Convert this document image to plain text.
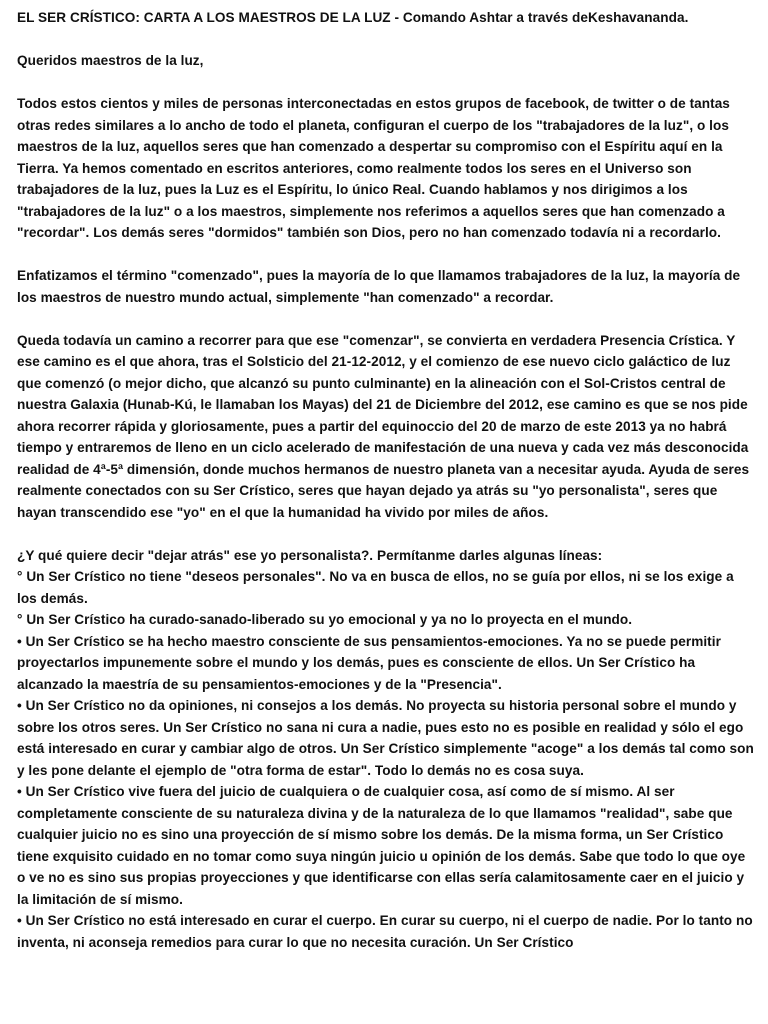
EL SER CRÍSTICO: CARTA A LOS MAESTROS DE LA LUZ - Comando Ashtar a través deKeshavananda.

Queridos maestros de la luz,

Todos estos cientos y miles de personas interconectadas en estos grupos de facebook, de twitter o de tantas otras redes similares a lo ancho de todo el planeta, configuran el cuerpo de los "trabajadores de la luz", o los maestros de la luz, aquellos seres que han comenzado a despertar su compromiso con el Espíritu aquí en la Tierra. Ya hemos comentado en escritos anteriores, como realmente todos los seres en el Universo son trabajadores de la luz, pues la Luz es el Espíritu, lo único Real. Cuando hablamos y nos dirigimos a los "trabajadores de la luz" o a los maestros, simplemente nos referimos a aquellos seres que han comenzado a "recordar". Los demás seres "dormidos" también son Dios, pero no han comenzado todavía ni a recordarlo.

Enfatizamos el término "comenzado", pues la mayoría de lo que llamamos trabajadores de la luz, la mayoría de los maestros de nuestro mundo actual, simplemente "han comenzado" a recordar.

Queda todavía un camino a recorrer para que ese "comenzar", se convierta en verdadera Presencia Crística. Y ese camino es el que ahora, tras el Solsticio del 21-12-2012, y el comienzo de ese nuevo ciclo galáctico de luz que comenzó (o mejor dicho, que alcanzó su punto culminante) en la alineación con el Sol-Cristos central de nuestra Galaxia (Hunab-Kú, le llamaban los Mayas) del 21 de Diciembre del 2012, ese camino es que se nos pide ahora recorrer rápida y gloriosamente, pues a partir del equinoccio del 20 de marzo de este 2013 ya no habrá tiempo y entraremos de lleno en un ciclo acelerado de manifestación de una nueva y cada vez más desconocida realidad de 4ª-5ª dimensión, donde muchos hermanos de nuestro planeta van a necesitar ayuda. Ayuda de seres realmente conectados con su Ser Crístico, seres que hayan dejado ya atrás su "yo personalista", seres que hayan transcendido ese "yo" en el que la humanidad ha vivido por miles de años.

¿Y qué quiere decir "dejar atrás" ese yo personalista?. Permítanme darles algunas líneas:

° Un Ser Crístico no tiene "deseos personales". No va en busca de ellos, no se guía por ellos, ni se los exige a los demás.

° Un Ser Crístico ha curado-sanado-liberado su yo emocional y ya no lo proyecta en el mundo.

• Un Ser Crístico se ha hecho maestro consciente de sus pensamientos-emociones. Ya no se puede permitir proyectarlos impunemente sobre el mundo y los demás, pues es consciente de ellos. Un Ser Crístico ha alcanzado la maestría de su pensamientos-emociones y de la "Presencia".

• Un Ser Crístico no da opiniones, ni consejos a los demás. No proyecta su historia personal sobre el mundo y sobre los otros seres. Un Ser Crístico no sana ni cura a nadie, pues esto no es posible en realidad y sólo el ego está interesado en curar y cambiar algo de otros. Un Ser Crístico simplemente "acoge" a los demás tal como son y les pone delante el ejemplo de "otra forma de estar". Todo lo demás no es cosa suya.

• Un Ser Crístico vive fuera del juicio de cualquiera o de cualquier cosa, así como de sí mismo. Al ser completamente consciente de su naturaleza divina y de la naturaleza de lo que llamamos "realidad", sabe que cualquier juicio no es sino una proyección de sí mismo sobre los demás. De la misma forma, un Ser Crístico tiene exquisito cuidado en no tomar como suya ningún juicio u opinión de los demás. Sabe que todo lo que oye o ve no es sino sus propias proyecciones y que identificarse con ellas sería calamitosamente caer en el juicio y la limitación de sí mismo.

• Un Ser Crístico no está interesado en curar el cuerpo. En curar su cuerpo, ni el cuerpo de nadie. Por lo tanto no inventa, ni aconseja remedios para curar lo que no necesita curación. Un Ser Crístico
